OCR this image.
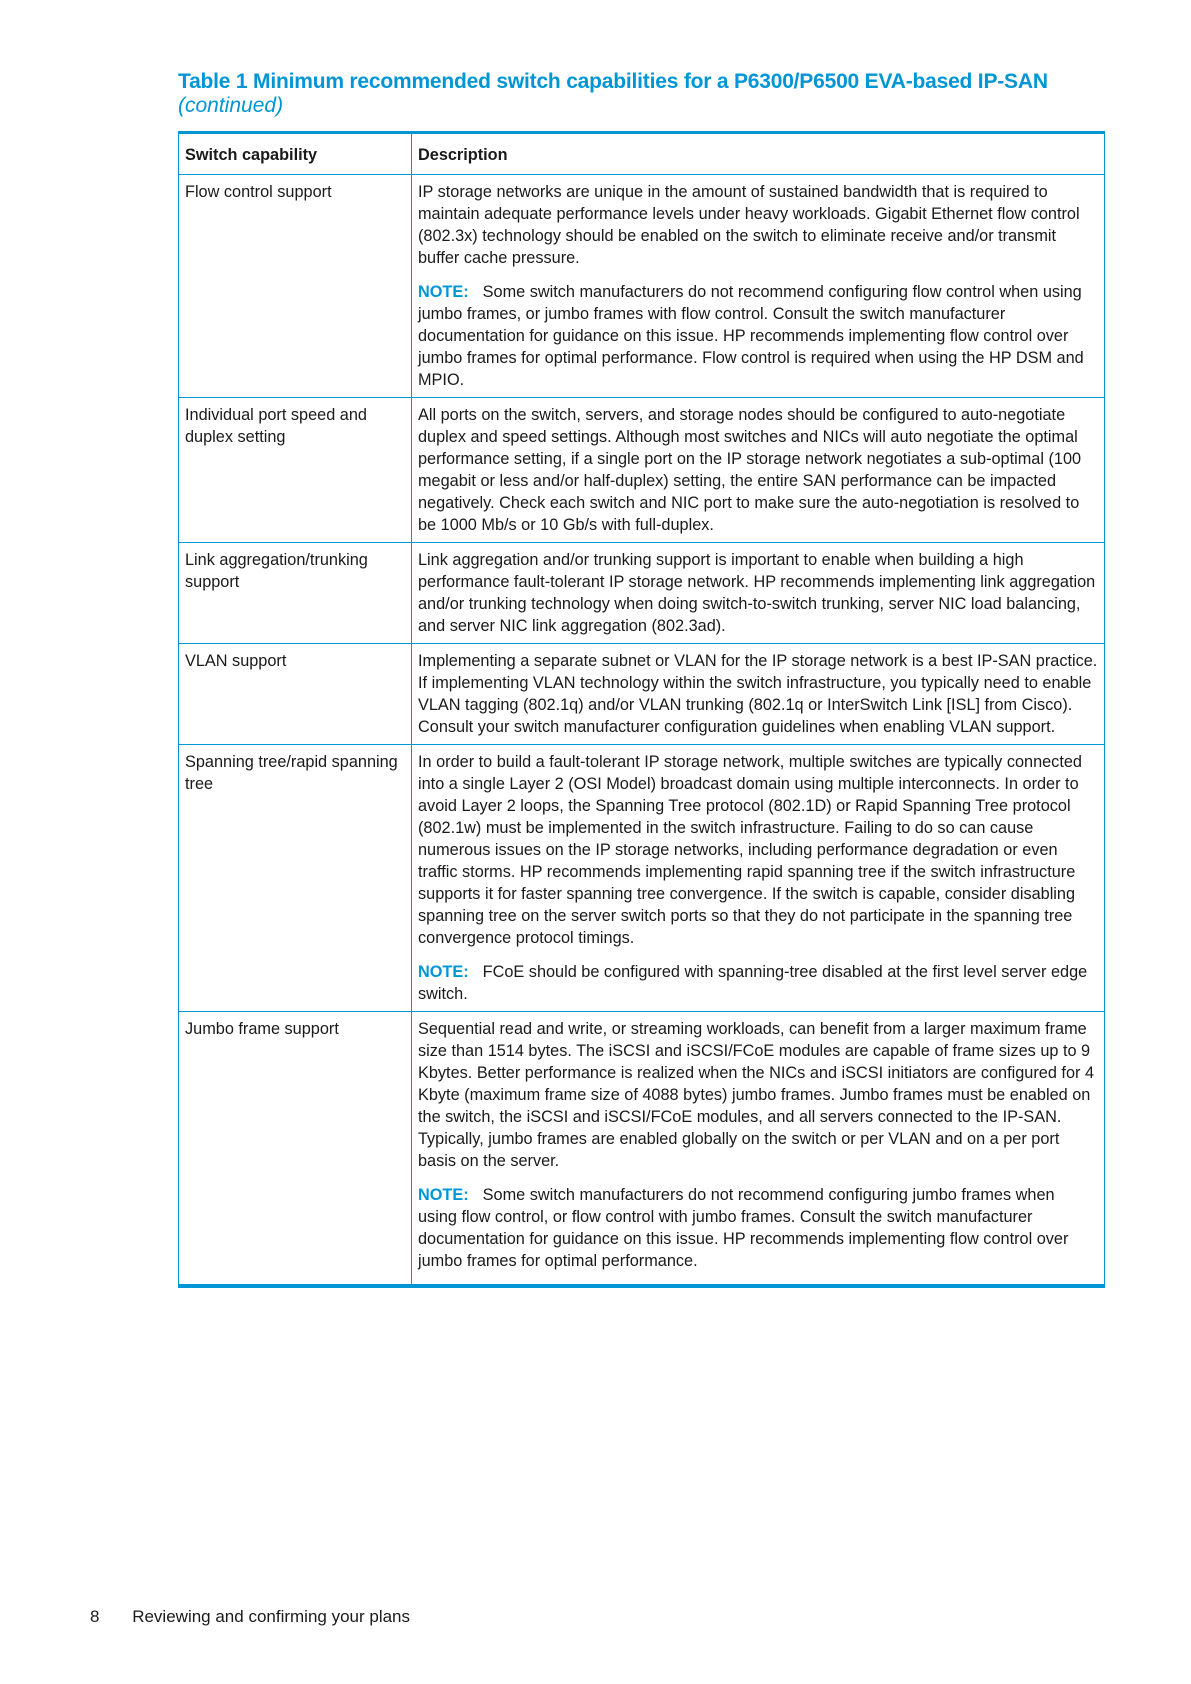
Table 1 Minimum recommended switch capabilities for a P6300/P6500 EVA-based IP-SAN
(continued)
Switch capability	Description
Flow control support	IP storage networks are unique in the amount of sustained bandwidth that is required to maintain adequate performance levels under heavy workloads. Gigabit Ethernet flow control (802.3x) technology should be enabled on the switch to eliminate receive and/or transmit buffer cache pressure.

NOTE: Some switch manufacturers do not recommend configuring flow control when using jumbo frames, or jumbo frames with flow control. Consult the switch manufacturer documentation for guidance on this issue. HP recommends implementing flow control over jumbo frames for optimal performance. Flow control is required when using the HP DSM and MPIO.

Individual port speed and duplex setting	All ports on the switch, servers, and storage nodes should be configured to auto-negotiate duplex and speed settings. Although most switches and NICs will auto negotiate the optimal performance setting, if a single port on the IP storage network negotiates a sub-optimal (100 megabit or less and/or half-duplex) setting, the entire SAN performance can be impacted negatively. Check each switch and NIC port to make sure the auto-negotiation is resolved to be 1000 Mb/s or 10 Gb/s with full-duplex.

Link aggregation/trunking support	Link aggregation and/or trunking support is important to enable when building a high performance fault-tolerant IP storage network. HP recommends implementing link aggregation and/or trunking technology when doing switch-to-switch trunking, server NIC load balancing, and server NIC link aggregation (802.3ad).

VLAN support	Implementing a separate subnet or VLAN for the IP storage network is a best IP-SAN practice. If implementing VLAN technology within the switch infrastructure, you typically need to enable VLAN tagging (802.1q) and/or VLAN trunking (802.1q or InterSwitch Link [ISL] from Cisco). Consult your switch manufacturer configuration guidelines when enabling VLAN support.

Spanning tree/rapid spanning tree	In order to build a fault-tolerant IP storage network, multiple switches are typically connected into a single Layer 2 (OSI Model) broadcast domain using multiple interconnects. In order to avoid Layer 2 loops, the Spanning Tree protocol (802.1D) or Rapid Spanning Tree protocol (802.1w) must be implemented in the switch infrastructure. Failing to do so can cause numerous issues on the IP storage networks, including performance degradation or even traffic storms. HP recommends implementing rapid spanning tree if the switch infrastructure supports it for faster spanning tree convergence. If the switch is capable, consider disabling spanning tree on the server switch ports so that they do not participate in the spanning tree convergence protocol timings.

NOTE: FCoE should be configured with spanning-tree disabled at the first level server edge switch.

Jumbo frame support	Sequential read and write, or streaming workloads, can benefit from a larger maximum frame size than 1514 bytes. The iSCSI and iSCSI/FCoE modules are capable of frame sizes up to 9 Kbytes. Better performance is realized when the NICs and iSCSI initiators are configured for 4 Kbyte (maximum frame size of 4088 bytes) jumbo frames. Jumbo frames must be enabled on the switch, the iSCSI and iSCSI/FCoE modules, and all servers connected to the IP-SAN. Typically, jumbo frames are enabled globally on the switch or per VLAN and on a per port basis on the server.

NOTE: Some switch manufacturers do not recommend configuring jumbo frames when using flow control, or flow control with jumbo frames. Consult the switch manufacturer documentation for guidance on this issue. HP recommends implementing flow control over jumbo frames for optimal performance.

8 Reviewing and confirming your plans
